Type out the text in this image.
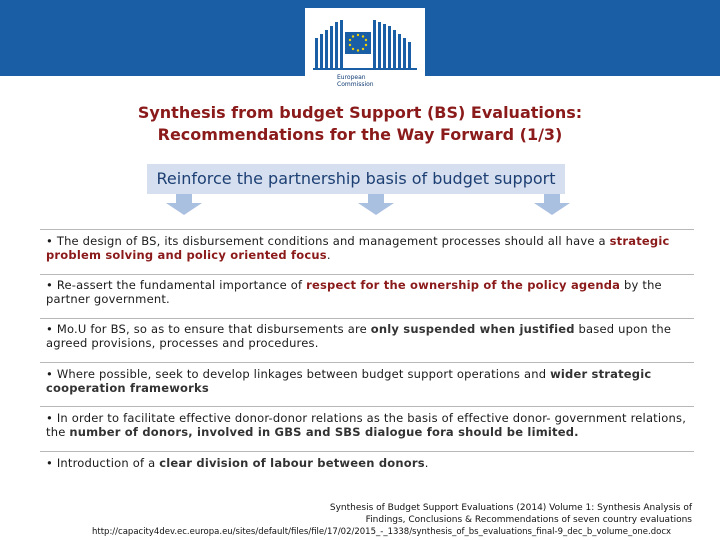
European
Commission
Synthesis from budget Support (BS) Evaluations:
Recommendations for the Way Forward (1/3)
Reinforce the partnership basis of budget support
• The design of BS, its disbursement conditions and management processes should all have a strategic problem solving and policy oriented focus.
• Re-assert the fundamental importance of respect for the ownership of the policy agenda by the partner government.
• Mo.U for BS, so as to ensure that disbursements are only suspended when justified based upon the agreed provisions, processes and procedures.
• Where possible, seek to develop linkages between budget support operations and wider strategic cooperation frameworks
• In order to facilitate effective donor-donor relations as the basis of effective donor- government relations, the number of donors, involved in GBS and SBS dialogue fora should be limited.
• Introduction of a clear division of labour between donors.
Synthesis of Budget Support Evaluations (2014) Volume 1: Synthesis Analysis of
Findings, Conclusions & Recommendations of seven country evaluations
http://capacity4dev.ec.europa.eu/sites/default/files/file/17/02/2015_-_1338/synthesis_of_bs_evaluations_final-9_dec_b_volume_one.docx
